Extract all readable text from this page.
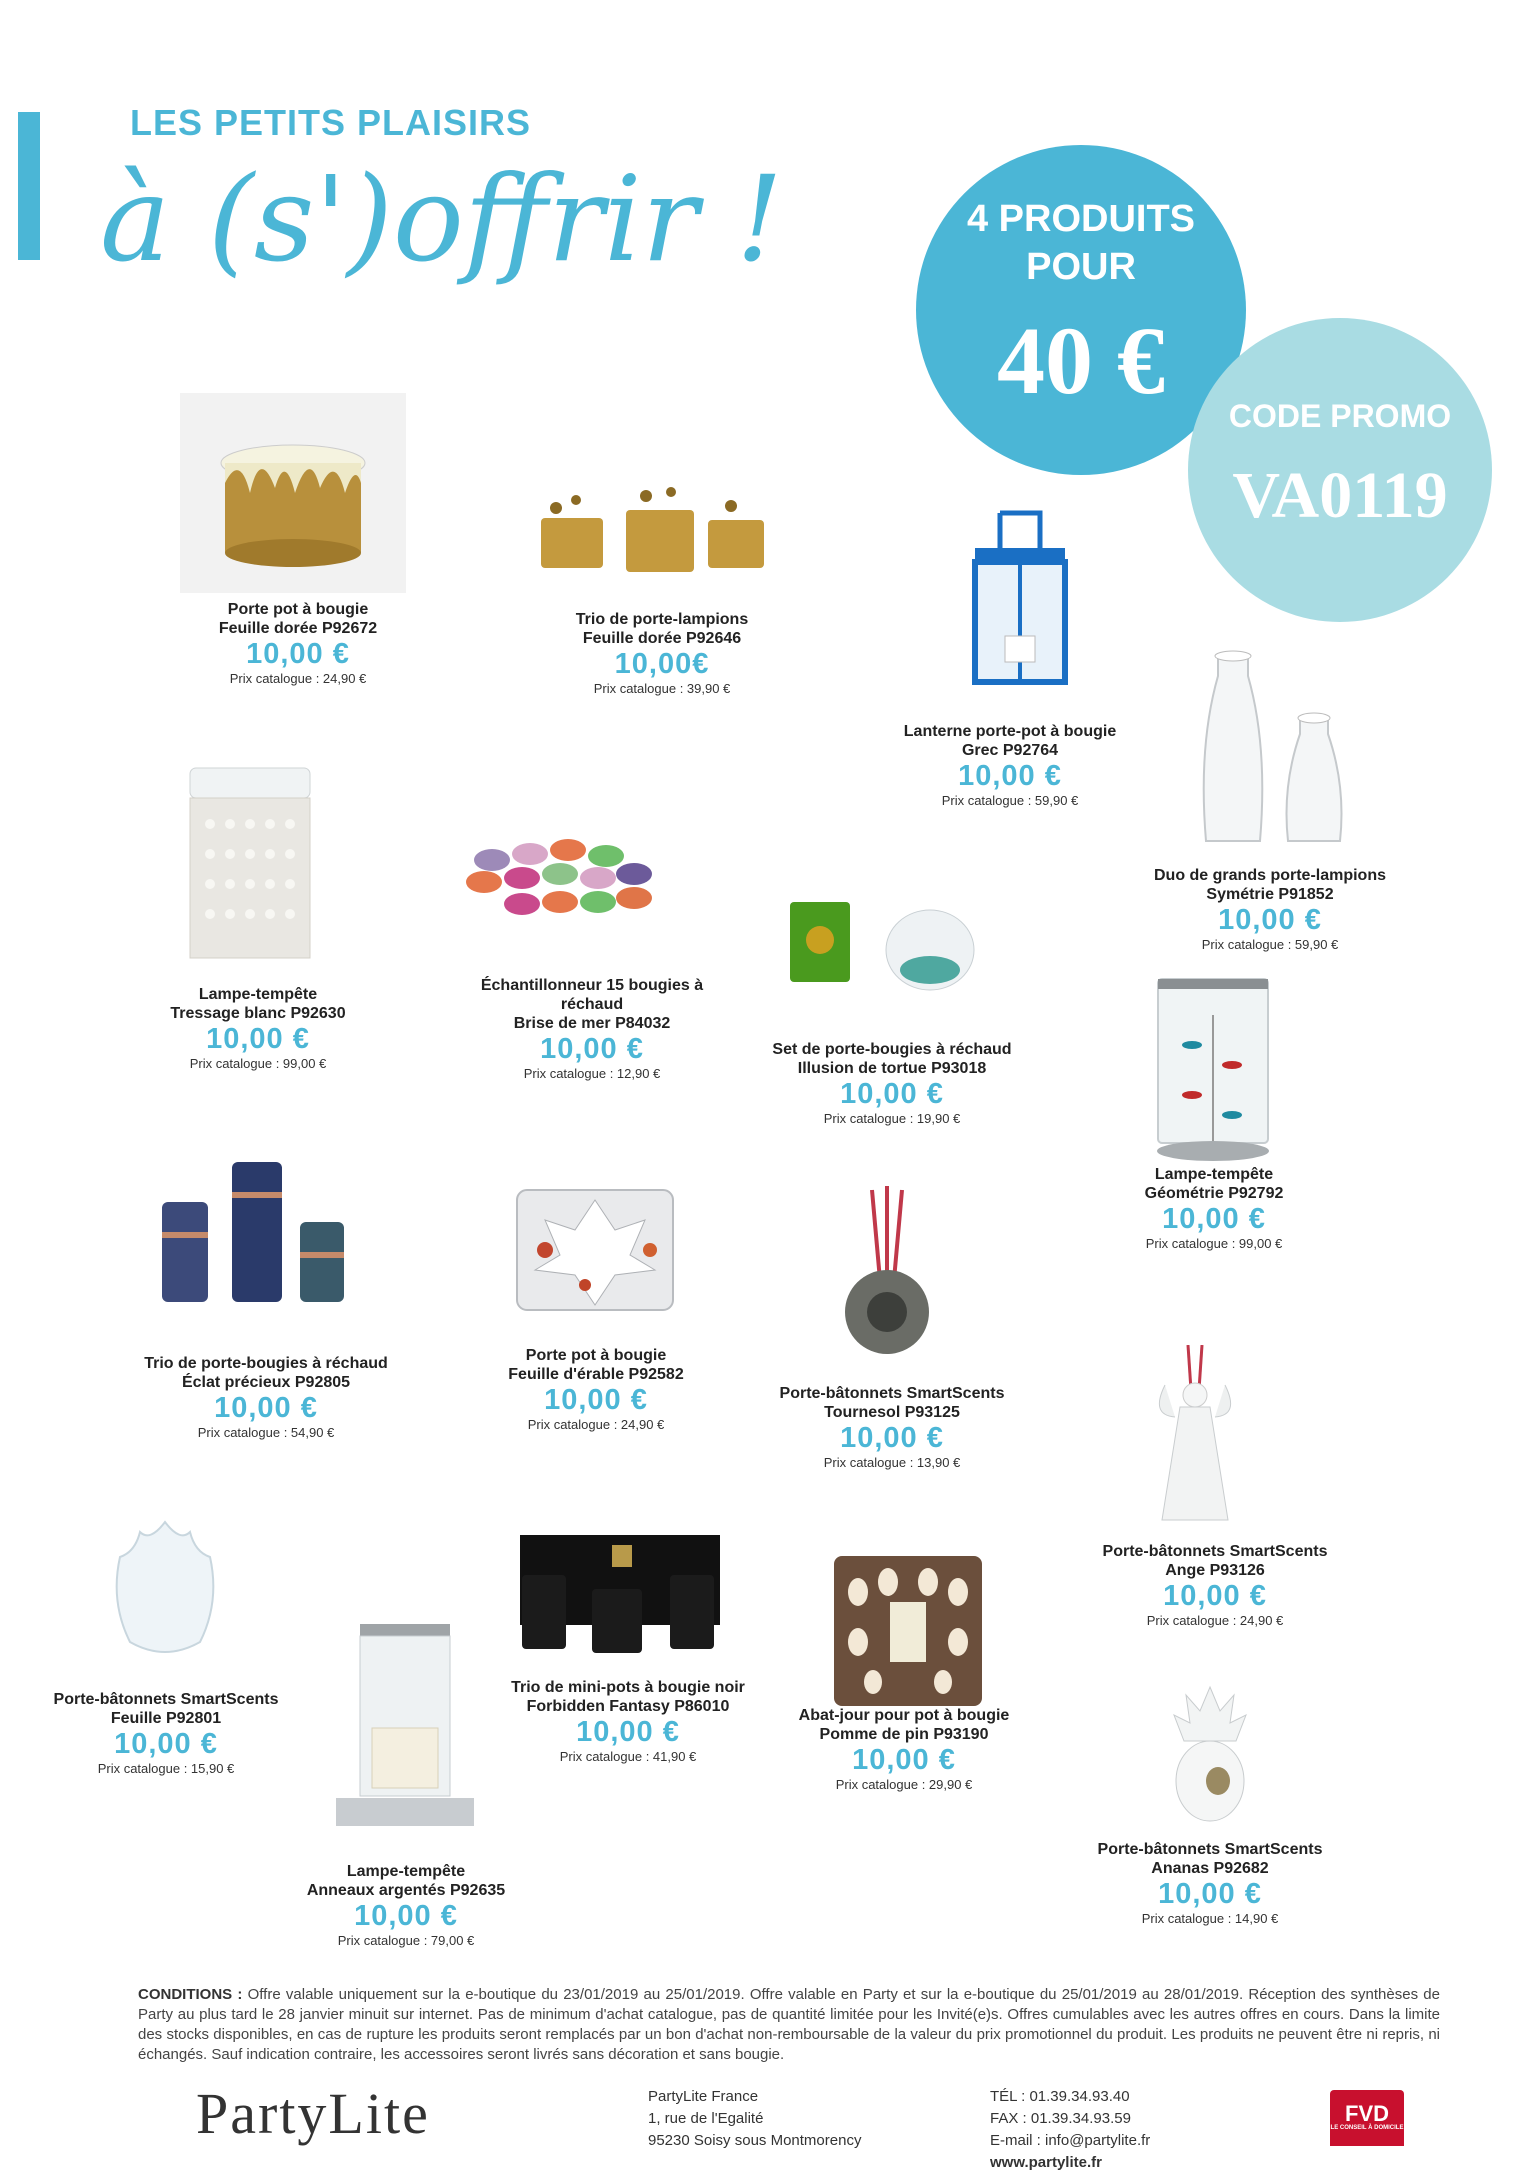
LES PETITS PLAISIRS
à (s')offrir !	4 PRODUITS
POUR
40 €
CODE PROMO
VA0119
Porte pot à bougie
Feuille dorée P92672
10,00 €
Prix catalogue : 24,90 €
Trio de porte-lampions
Feuille dorée P92646
10,00€
Prix catalogue : 39,90 €
Lanterne porte-pot à bougie
Grec P92764
10,00 €
Prix catalogue : 59,90 €
Duo de grands porte-lampions
Symétrie P91852
10,00 €
Prix catalogue : 59,90 €
Lampe-tempête
Tressage blanc P92630
10,00 €
Prix catalogue : 99,00 €
Échantillonneur 15 bougies à réchaud
Brise de mer P84032
10,00 €
Prix catalogue : 12,90 €
Set de porte-bougies à réchaud
Illusion de tortue P93018
10,00 €
Prix catalogue : 19,90 €
Lampe-tempête
Géométrie P92792
10,00 €
Prix catalogue : 99,00 €
Trio de porte-bougies à réchaud
Éclat précieux P92805
10,00 €
Prix catalogue : 54,90 €
Porte pot à bougie
Feuille d'érable P92582
10,00 €
Prix catalogue : 24,90 €
Porte-bâtonnets SmartScents
Tournesol P93125
10,00 €
Prix catalogue : 13,90 €
Porte-bâtonnets SmartScents
Ange P93126
10,00 €
Prix catalogue : 24,90 €
Porte-bâtonnets SmartScents
Feuille P92801
10,00 €
Prix catalogue : 15,90 €
Trio de mini-pots à bougie noir
Forbidden Fantasy P86010
10,00 €
Prix catalogue : 41,90 €
Abat-jour pour pot à bougie
Pomme de pin P93190
10,00 €
Prix catalogue : 29,90 €
Lampe-tempête
Anneaux argentés P92635
10,00 €
Prix catalogue : 79,00 €
Porte-bâtonnets SmartScents
Ananas P92682
10,00 €
Prix catalogue : 14,90 €
CONDITIONS : Offre valable uniquement sur la e-boutique du 23/01/2019 au 25/01/2019. Offre valable en Party et sur la e-boutique du 25/01/2019 au 28/01/2019. Réception des synthèses de Party au plus tard le 28 janvier minuit sur internet. Pas de minimum d'achat catalogue, pas de quantité limitée pour les Invité(e)s. Offres cumulables avec les autres offres en cours. Dans la limite des stocks disponibles, en cas de rupture les produits seront remplacés par un bon d'achat non-remboursable de la valeur du prix promotionnel du produit. Les produits ne peuvent être ni repris, ni échangés. Sauf indication contraire, les accessoires seront livrés sans décoration et sans bougie.
PartyLite	PartyLite France
1, rue de l'Egalité
95230 Soisy sous Montmorency
TÉL : 01.39.34.93.40
FAX : 01.39.34.93.59
E-mail : info@partylite.fr
www.partylite.fr
FVD
LE CONSEIL À DOMICILE
